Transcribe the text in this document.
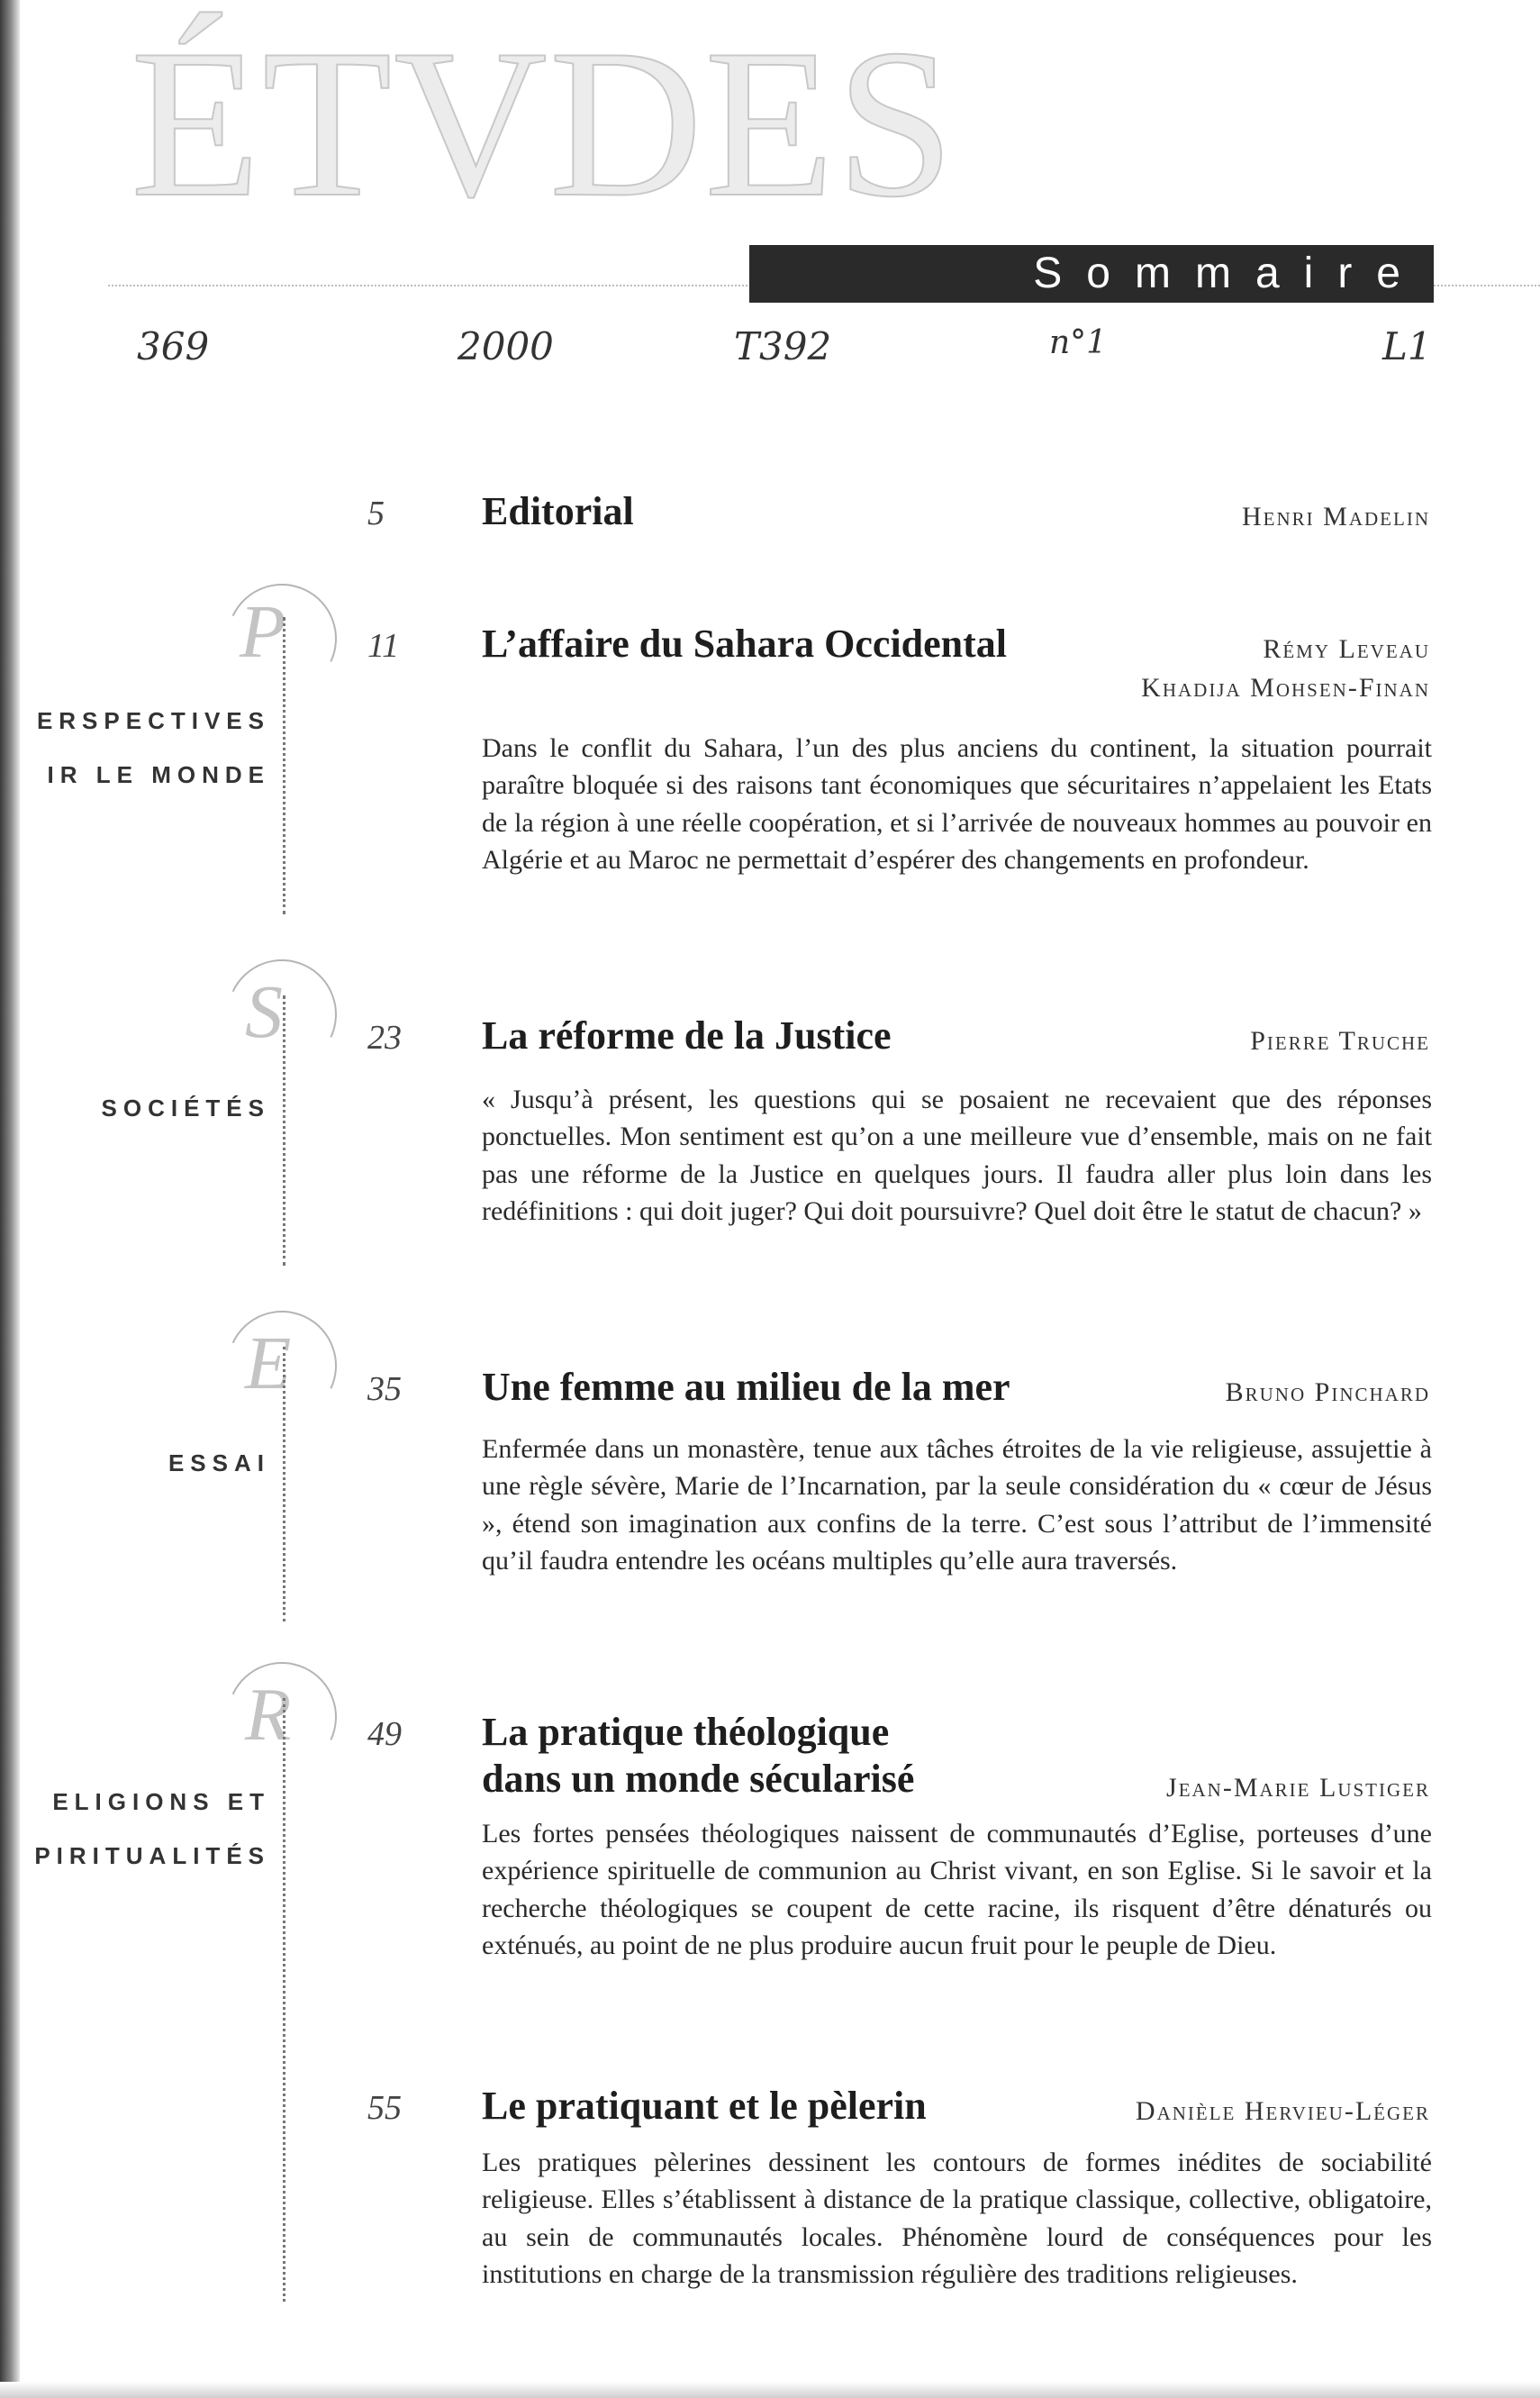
ÉTVDES
Sommaire
369	2000	T392	n°1	L1
P
ERSPECTIVES
IR LE MONDE
S
SOCIÉTÉS
E
ESSAI
R
ELIGIONS ET
PIRITUALITÉS
5 Editorial	Henri Madelin
11 L’affaire du Sahara Occidental	Rémy Leveau
Khadija Mohsen-Finan
Dans le conflit du Sahara, l’un des plus anciens du continent, la situation pourrait paraître bloquée si des raisons tant économiques que sécuritaires n’appelaient les Etats de la région à une réelle coopération, et si l’arrivée de nouveaux hommes au pouvoir en Algérie et au Maroc ne permettait d’espérer des changements en profondeur.
23 La réforme de la Justice	Pierre Truche
« Jusqu’à présent, les questions qui se posaient ne recevaient que des réponses ponctuelles. Mon sentiment est qu’on a une meilleure vue d’ensemble, mais on ne fait pas une réforme de la Justice en quelques jours. Il faudra aller plus loin dans les redéfinitions : qui doit juger? Qui doit poursuivre? Quel doit être le statut de chacun? »
35 Une femme au milieu de la mer	Bruno Pinchard
Enfermée dans un monastère, tenue aux tâches étroites de la vie religieuse, assujettie à une règle sévère, Marie de l’Incarnation, par la seule considération du « cœur de Jésus », étend son imagination aux confins de la terre. C’est sous l’attribut de l’immensité qu’il faudra entendre les océans multiples qu’elle aura traversés.
49 La pratique théologique
dans un monde sécularisé	Jean-Marie Lustiger
Les fortes pensées théologiques naissent de communautés d’Eglise, porteuses d’une expérience spirituelle de communion au Christ vivant, en son Eglise. Si le savoir et la recherche théologiques se coupent de cette racine, ils risquent d’être dénaturés ou exténués, au point de ne plus produire aucun fruit pour le peuple de Dieu.
55 Le pratiquant et le pèlerin	Danièle Hervieu-Léger
Les pratiques pèlerines dessinent les contours de formes inédites de sociabilité religieuse. Elles s’établissent à distance de la pratique classique, collective, obligatoire, au sein de communautés locales. Phénomène lourd de conséquences pour les institutions en charge de la transmission régulière des traditions religieuses.
